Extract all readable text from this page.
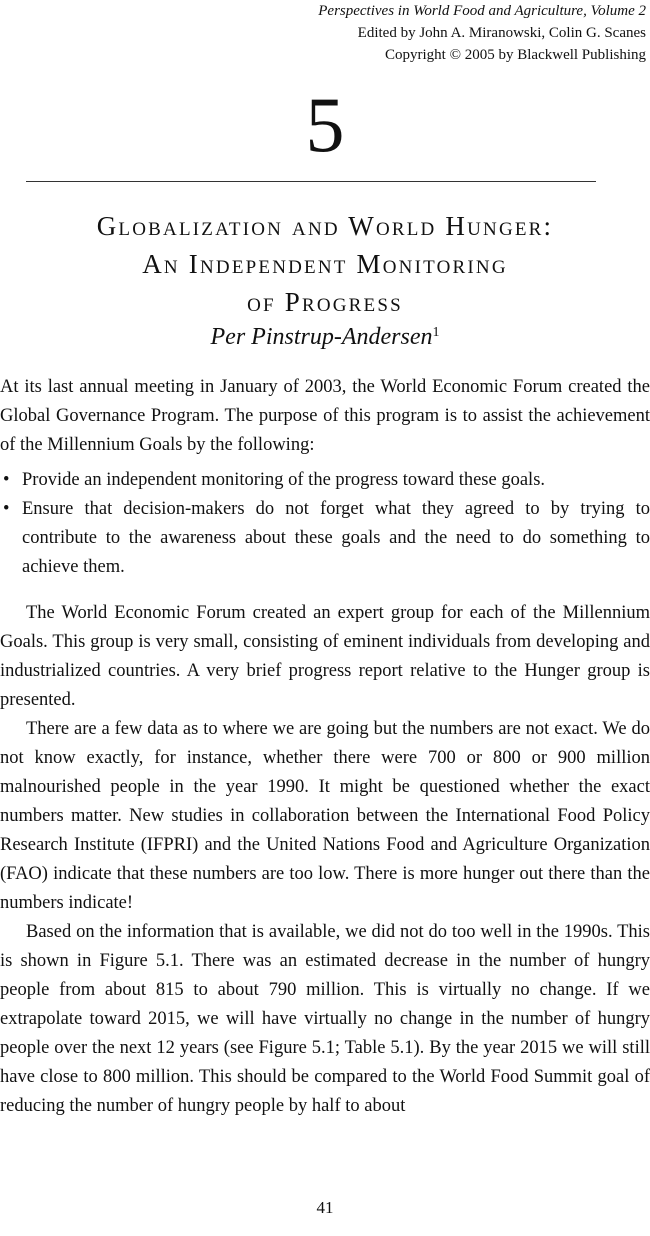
Perspectives in World Food and Agriculture, Volume 2
Edited by John A. Miranowski, Colin G. Scanes
Copyright © 2005 by Blackwell Publishing
5
Globalization and World Hunger:
An Independent Monitoring
of Progress
Per Pinstrup-Andersen$^1$

At its last annual meeting in January of 2003, the World Economic Forum created the Global Governance Program. The purpose of this program is to assist the achievement of the Millennium Goals by the following:

• Provide an independent monitoring of the progress toward these goals.
• Ensure that decision-makers do not forget what they agreed to by trying to contribute to the awareness about these goals and the need to do something to achieve them.

The World Economic Forum created an expert group for each of the Millennium Goals. This group is very small, consisting of eminent individuals from developing and industrialized countries. A very brief progress report relative to the Hunger group is presented.

There are a few data as to where we are going but the numbers are not exact. We do not know exactly, for instance, whether there were 700 or 800 or 900 million malnourished people in the year 1990. It might be questioned whether the exact numbers matter. New studies in collaboration between the International Food Policy Research Institute (IFPRI) and the United Nations Food and Agriculture Organization (FAO) indicate that these numbers are too low. There is more hunger out there than the numbers indicate!

Based on the information that is available, we did not do too well in the 1990s. This is shown in Figure 5.1. There was an estimated decrease in the number of hungry people from about 815 to about 790 million. This is virtually no change. If we extrapolate toward 2015, we will have virtually no change in the number of hungry people over the next 12 years (see Figure 5.1; Table 5.1). By the year 2015 we will still have close to 800 million. This should be compared to the World Food Summit goal of reducing the number of hungry people by half to about

41
